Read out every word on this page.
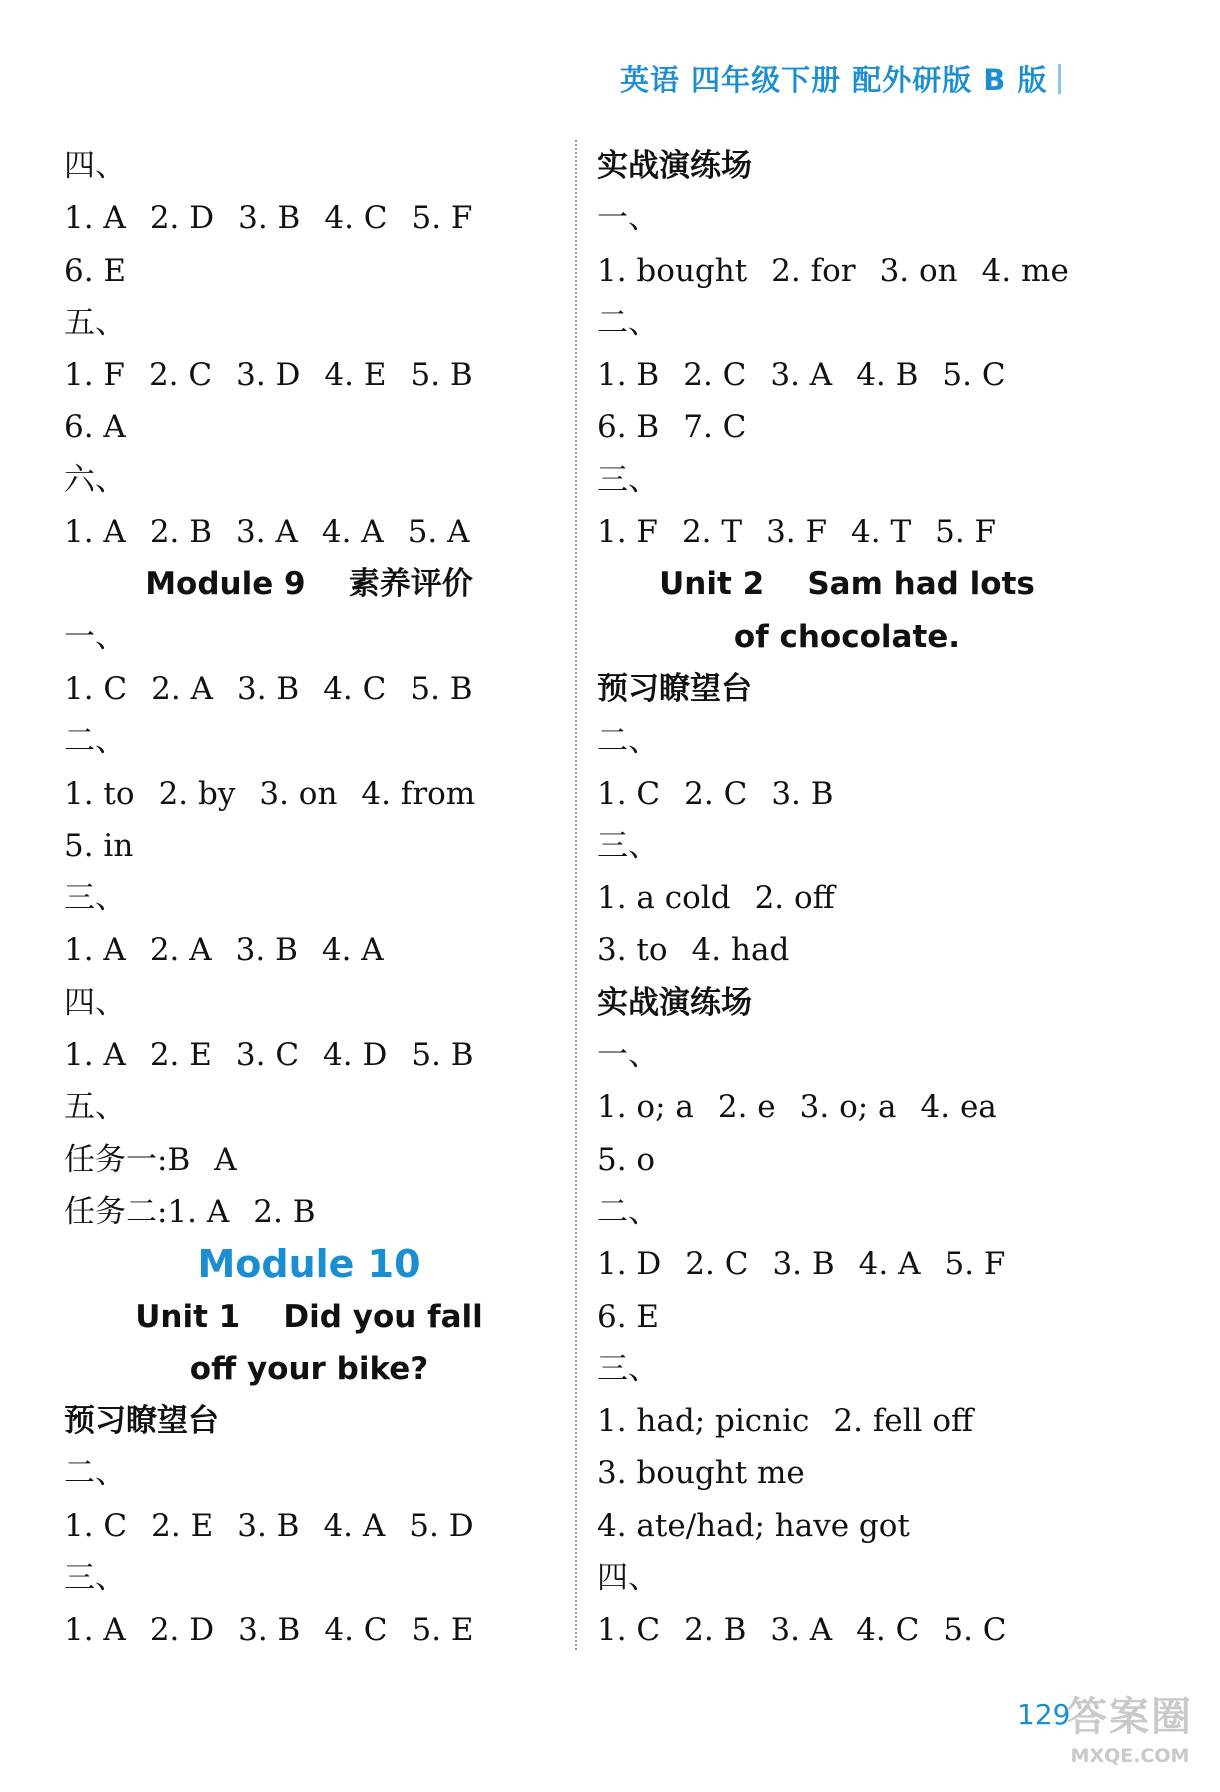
英语 四年级下册 配外研版 B 版
四、
1. A 2. D 3. B 4. C 5. F
6. E
五、
1. F 2. C 3. D 4. E 5. B
6. A
六、
1. A 2. B 3. A 4. A 5. A
Module 9    素养评价
一、
1. C 2. A 3. B 4. C 5. B
二、
1. to 2. by 3. on 4. from
5. in
三、
1. A 2. A 3. B 4. A
四、
1. A 2. E 3. C 4. D 5. B
五、
任务一:B A
任务二:1. A 2. B
Module 10
Unit 1    Did you fall
off your bike?
预习瞭望台
二、
1. C 2. E 3. B 4. A 5. D
三、
1. A 2. D 3. B 4. C 5. E
实战演练场
一、
1. bought 2. for 3. on 4. me
二、
1. B 2. C 3. A 4. B 5. C
6. B 7. C
三、
1. F 2. T 3. F 4. T 5. F
Unit 2    Sam had lots
of chocolate.
预习瞭望台
二、
1. C 2. C 3. B
三、
1. a cold 2. off
3. to 4. had
实战演练场
一、
1. o; a 2. e 3. o; a 4. ea
5. o
二、
1. D 2. C 3. B 4. A 5. F
6. E
三、
1. had; picnic 2. fell off
3. bought me
4. ate/had; have got
四、
1. C 2. B 3. A 4. C 5. C
129
答案圈
MXQE.COM
